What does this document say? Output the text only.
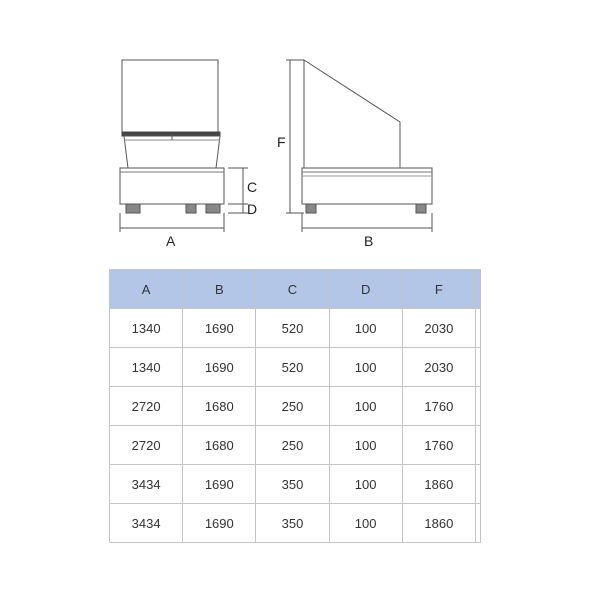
A	B
C
D
F
A	B	C	D	F	
1340	1690	520	100	2030	
1340	1690	520	100	2030	
2720	1680	250	100	1760	
2720	1680	250	100	1760	
3434	1690	350	100	1860	
3434	1690	350	100	1860	
